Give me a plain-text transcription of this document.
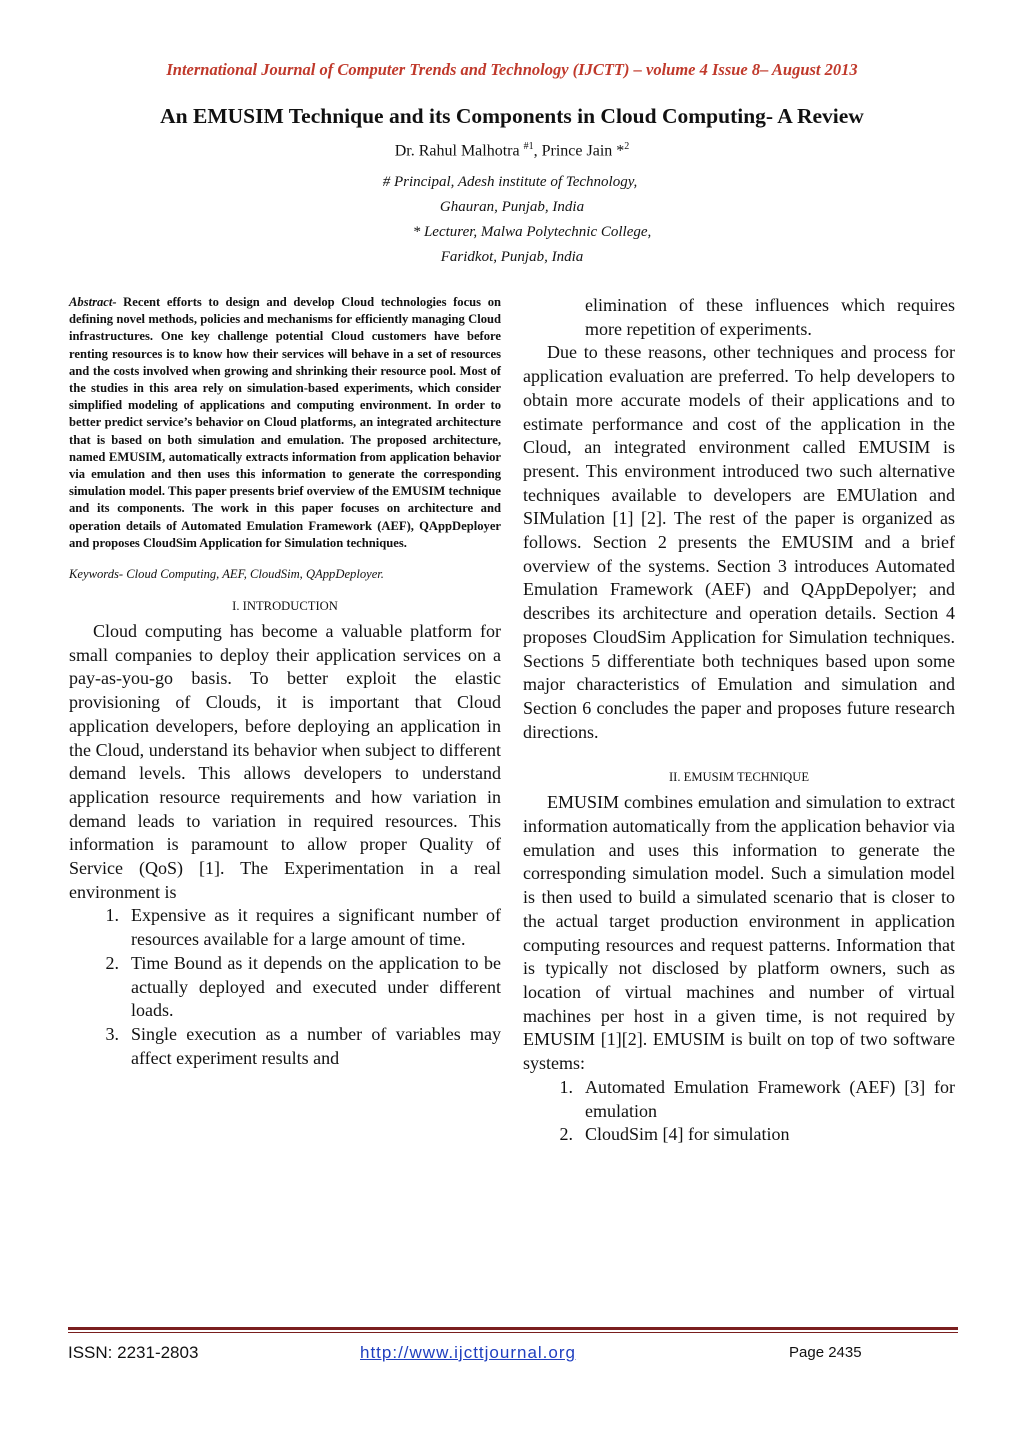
International Journal of Computer Trends and Technology (IJCTT) – volume 4 Issue 8– August 2013
An EMUSIM Technique and its Components in Cloud Computing- A Review
Dr. Rahul Malhotra $^{\#1}$, Prince Jain *$^2$
# Principal, Adesh institute of Technology,
Ghauran, Punjab, India
* Lecturer, Malwa Polytechnic College,
Faridkot, Punjab, India

Abstract- Recent efforts to design and develop Cloud technologies focus on defining novel methods, policies and mechanisms for efficiently managing Cloud infrastructures. One key challenge potential Cloud customers have before renting resources is to know how their services will behave in a set of resources and the costs involved when growing and shrinking their resource pool. Most of the studies in this area rely on simulation-based experiments, which consider simplified modeling of applications and computing environment. In order to better predict service’s behavior on Cloud platforms, an integrated architecture that is based on both simulation and emulation. The proposed architecture, named EMUSIM, automatically extracts information from application behavior via emulation and then uses this information to generate the corresponding simulation model. This paper presents brief overview of the EMUSIM technique and its components. The work in this paper focuses on architecture and operation details of Automated Emulation Framework (AEF), QAppDeployer and proposes CloudSim Application for Simulation techniques.

Keywords- Cloud Computing, AEF, CloudSim, QAppDeployer.

I. INTRODUCTION

Cloud computing has become a valuable platform for small companies to deploy their application services on a pay-as-you-go basis. To better exploit the elastic provisioning of Clouds, it is important that Cloud application developers, before deploying an application in the Cloud, understand its behavior when subject to different demand levels. This allows developers to understand application resource requirements and how variation in demand leads to variation in required resources. This information is paramount to allow proper Quality of Service (QoS) [1]. The Experimentation in a real environment is

1. Expensive as it requires a significant number of resources available for a large amount of time.
2. Time Bound as it depends on the application to be actually deployed and executed under different loads.
3. Single execution as a number of variables may affect experiment results and

elimination of these influences which requires more repetition of experiments.

Due to these reasons, other techniques and process for application evaluation are preferred. To help developers to obtain more accurate models of their applications and to estimate performance and cost of the application in the Cloud, an integrated environment called EMUSIM is present. This environment introduced two such alternative techniques available to developers are EMUlation and SIMulation [1] [2]. The rest of the paper is organized as follows. Section 2 presents the EMUSIM and a brief overview of the systems. Section 3 introduces Automated Emulation Framework (AEF) and QAppDepolyer; and describes its architecture and operation details. Section 4 proposes CloudSim Application for Simulation techniques. Sections 5 differentiate both techniques based upon some major characteristics of Emulation and simulation and Section 6 concludes the paper and proposes future research directions.

II. EMUSIM TECHNIQUE

EMUSIM combines emulation and simulation to extract information automatically from the application behavior via emulation and uses this information to generate the corresponding simulation model. Such a simulation model is then used to build a simulated scenario that is closer to the actual target production environment in application computing resources and request patterns. Information that is typically not disclosed by platform owners, such as location of virtual machines and number of virtual machines per host in a given time, is not required by EMUSIM [1][2]. EMUSIM is built on top of two software systems:

1. Automated Emulation Framework (AEF) [3] for emulation
2. CloudSim [4] for simulation
ISSN: 2231-2803	http://www.ijcttjournal.org	Page 2435
